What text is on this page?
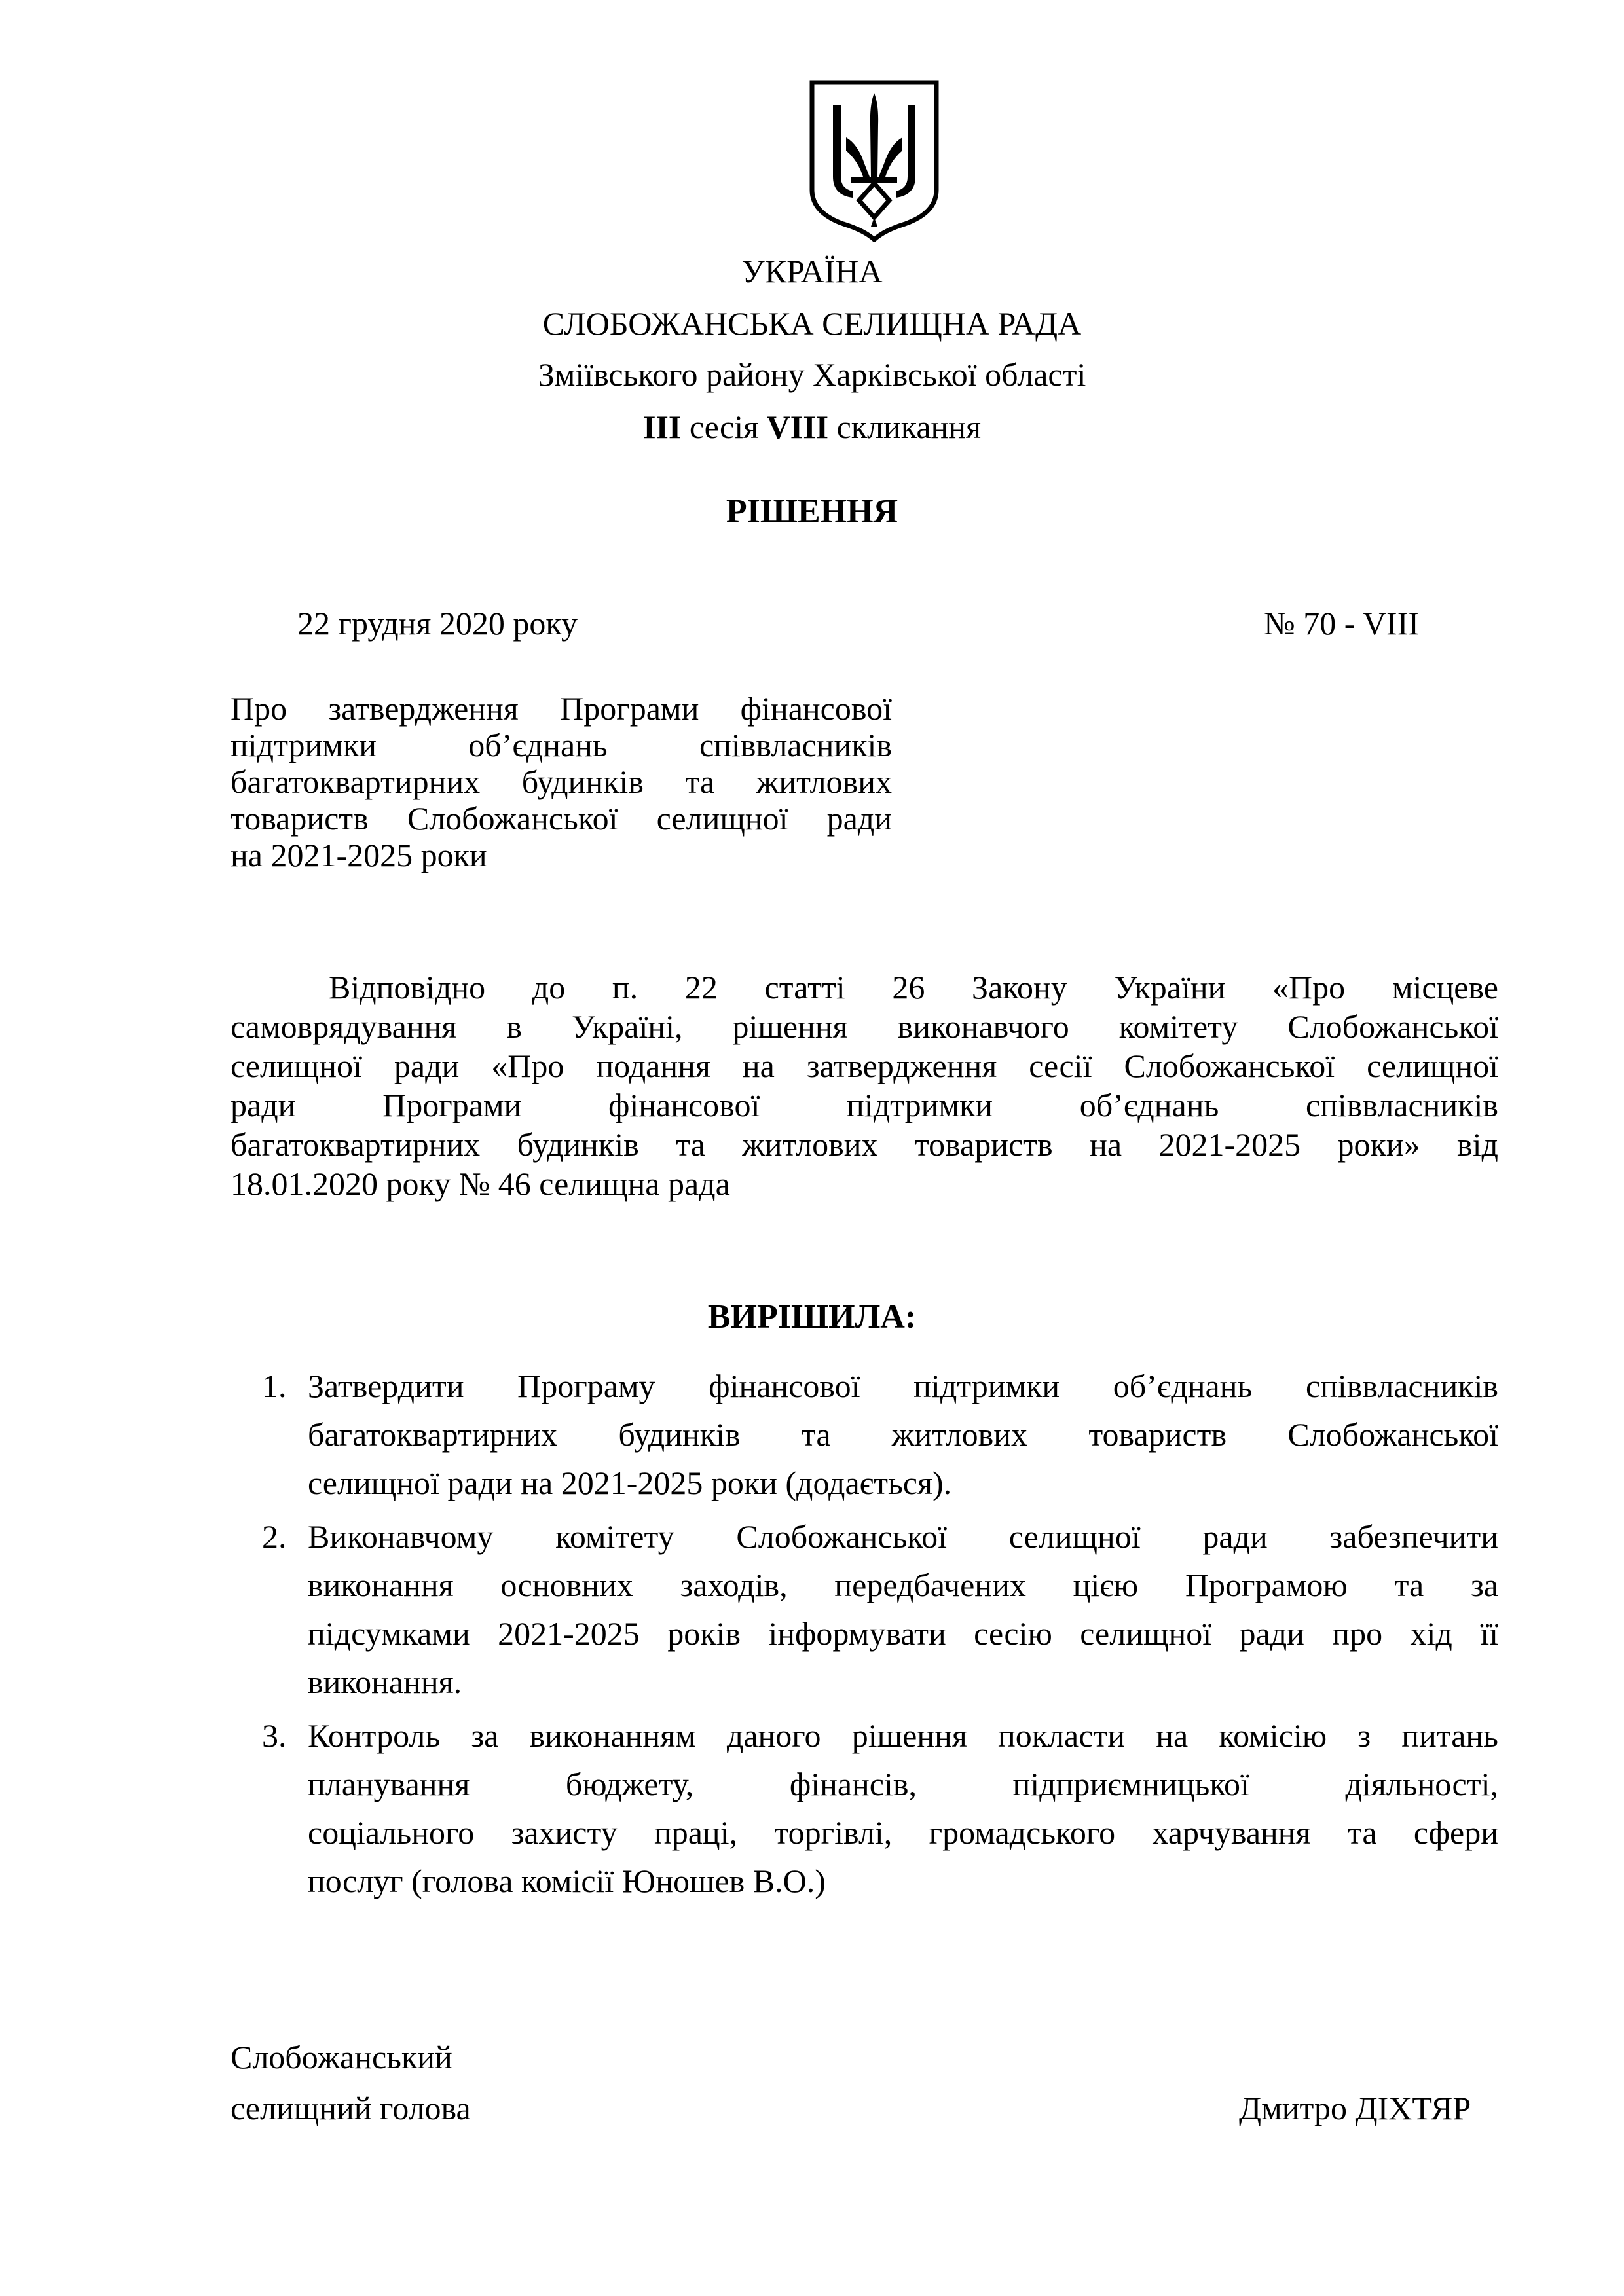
УКРАЇНА
СЛОБОЖАНСЬКА СЕЛИЩНА РАДА
Зміївського району Харківської області
III сесія VIII скликання
РІШЕННЯ
22 грудня 2020 року	№ 70 - VIII
Про затвердження Програми фінансової
підтримки об’єднань співвласників
багатоквартирних будинків та житлових
товариств Слобожанської селищної ради
на 2021-2025 роки
Відповідно до п. 22 статті 26 Закону України «Про місцеве
самоврядування в Україні, рішення виконавчого комітету Слобожанської
селищної ради «Про подання на затвердження сесії Слобожанської селищної
ради Програми фінансової підтримки об’єднань співвласників
багатоквартирних будинків та житлових товариств на 2021-2025 роки» від
18.01.2020 року № 46 селищна рада
ВИРІШИЛА:
1. Затвердити Програму фінансової підтримки об’єднань співвласників
багатоквартирних будинків та житлових товариств Слобожанської
селищної ради на 2021-2025 роки (додається).
2. Виконавчому комітету Слобожанської селищної ради забезпечити
виконання основних заходів, передбачених цією Програмою та за
підсумками 2021-2025 років інформувати сесію селищної ради про хід її
виконання.
3. Контроль за виконанням даного рішення покласти на комісію з питань
планування бюджету, фінансів, підприємницької діяльності,
соціального захисту праці, торгівлі, громадського харчування та сфери
послуг (голова комісії Юношев В.О.)
Слобожанський
селищний голова	Дмитро ДІХТЯР
